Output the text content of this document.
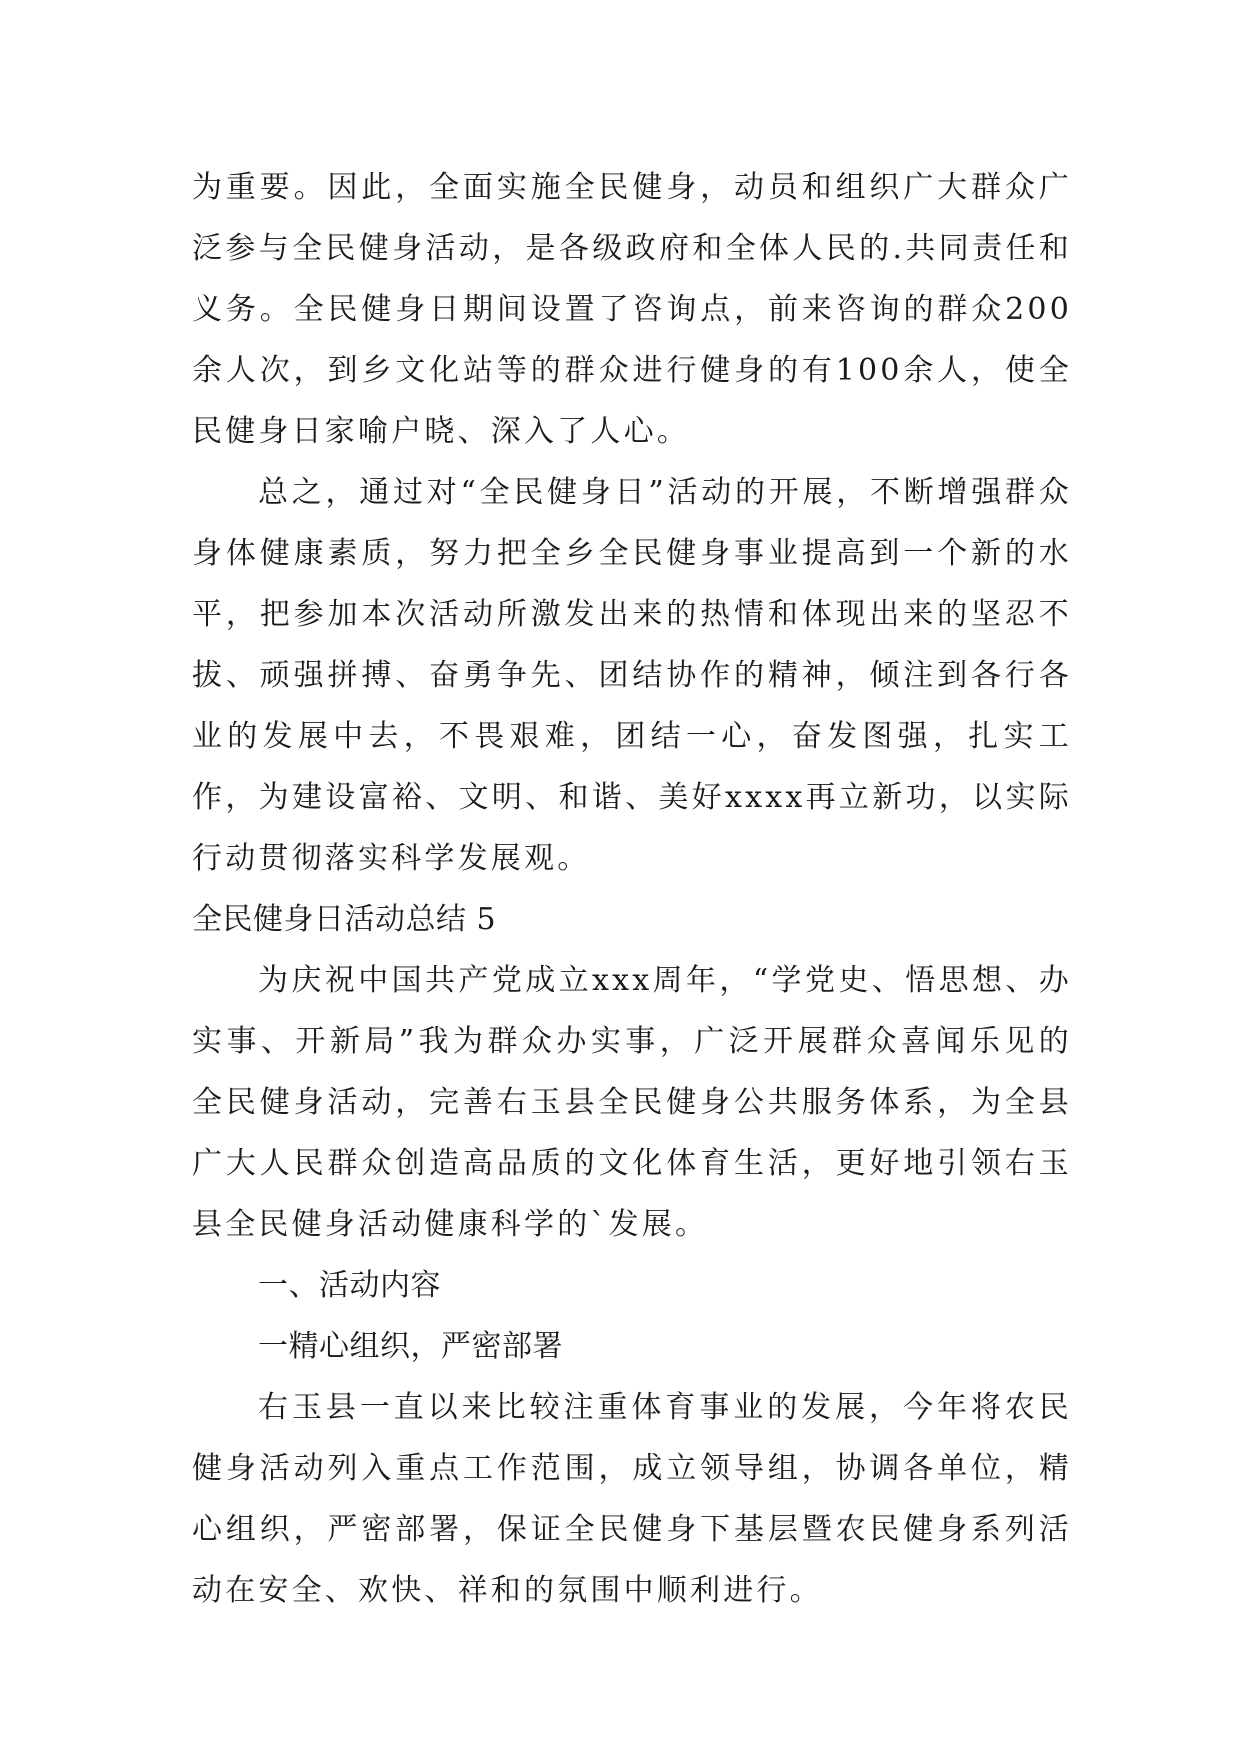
为重要。因此，全面实施全民健身，动员和组织广大群众广泛参与全民健身活动，是各级政府和全体人民的.共同责任和义务。全民健身日期间设置了咨询点，前来咨询的群众200余人次，到乡文化站等的群众进行健身的有100余人，使全民健身日家喻户晓、深入了人心。

总之，通过对“全民健身日”活动的开展，不断增强群众身体健康素质，努力把全乡全民健身事业提高到一个新的水平，把参加本次活动所激发出来的热情和体现出来的坚忍不拔、顽强拼搏、奋勇争先、团结协作的精神，倾注到各行各业的发展中去，不畏艰难，团结一心，奋发图强，扎实工作，为建设富裕、文明、和谐、美好xxxx再立新功，以实际行动贯彻落实科学发展观。

全民健身日活动总结 5

为庆祝中国共产党成立xxx周年，“学党史、悟思想、办实事、开新局”我为群众办实事，广泛开展群众喜闻乐见的全民健身活动，完善右玉县全民健身公共服务体系，为全县广大人民群众创造高品质的文化体育生活，更好地引领右玉县全民健身活动健康科学的`发展。

一、活动内容

一精心组织，严密部署

右玉县一直以来比较注重体育事业的发展，今年将农民健身活动列入重点工作范围，成立领导组，协调各单位，精心组织，严密部署，保证全民健身下基层暨农民健身系列活动在安全、欢快、祥和的氛围中顺利进行。
